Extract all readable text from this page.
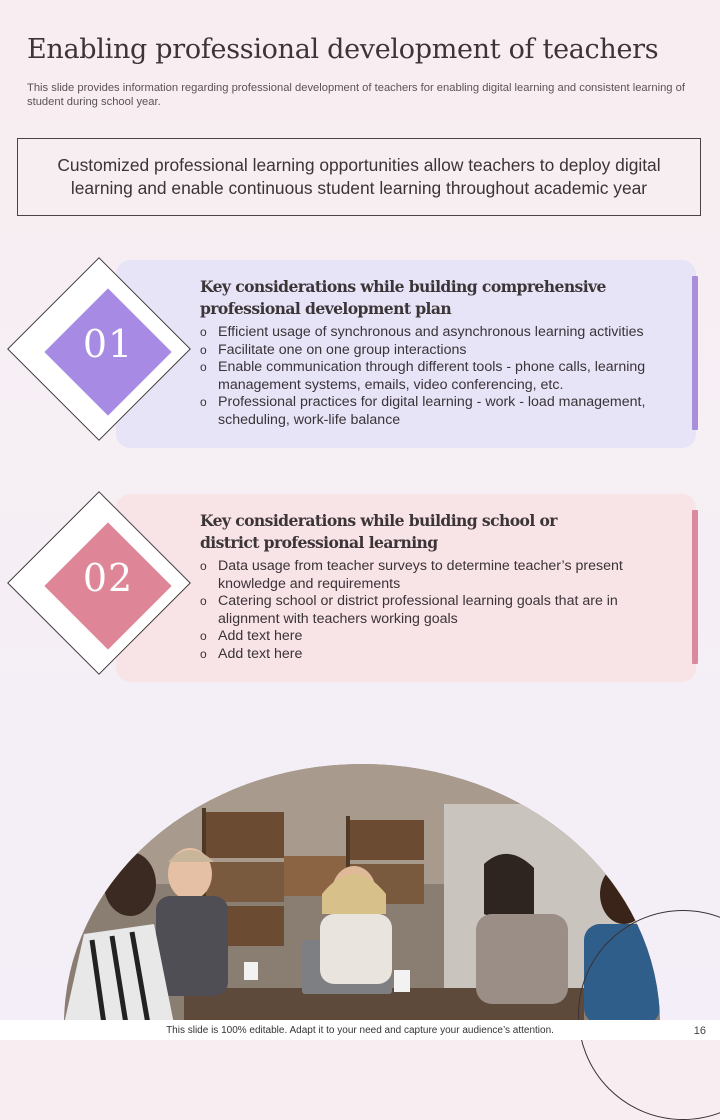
Enabling professional development of teachers
This slide provides information regarding professional development of teachers for enabling digital learning and consistent learning of student during school year.
Customized professional learning opportunities allow teachers to deploy digital learning and enable continuous student learning throughout academic year
01
Key considerations while building comprehensive
professional development plan
o Efficient usage of synchronous and asynchronous learning activities
o Facilitate one on one group interactions
o Enable communication through different tools - phone calls, learning management systems, emails, video conferencing, etc.
o Professional practices for digital learning - work - load management, scheduling, work-life balance
02
Key considerations while building school or
district professional learning
o Data usage from teacher surveys to determine teacher’s present knowledge and requirements
o Catering school or district professional learning goals that are in alignment with teachers working goals
o Add text here
o Add text here
This slide is 100% editable. Adapt it to your need and capture your audience’s attention.	16
